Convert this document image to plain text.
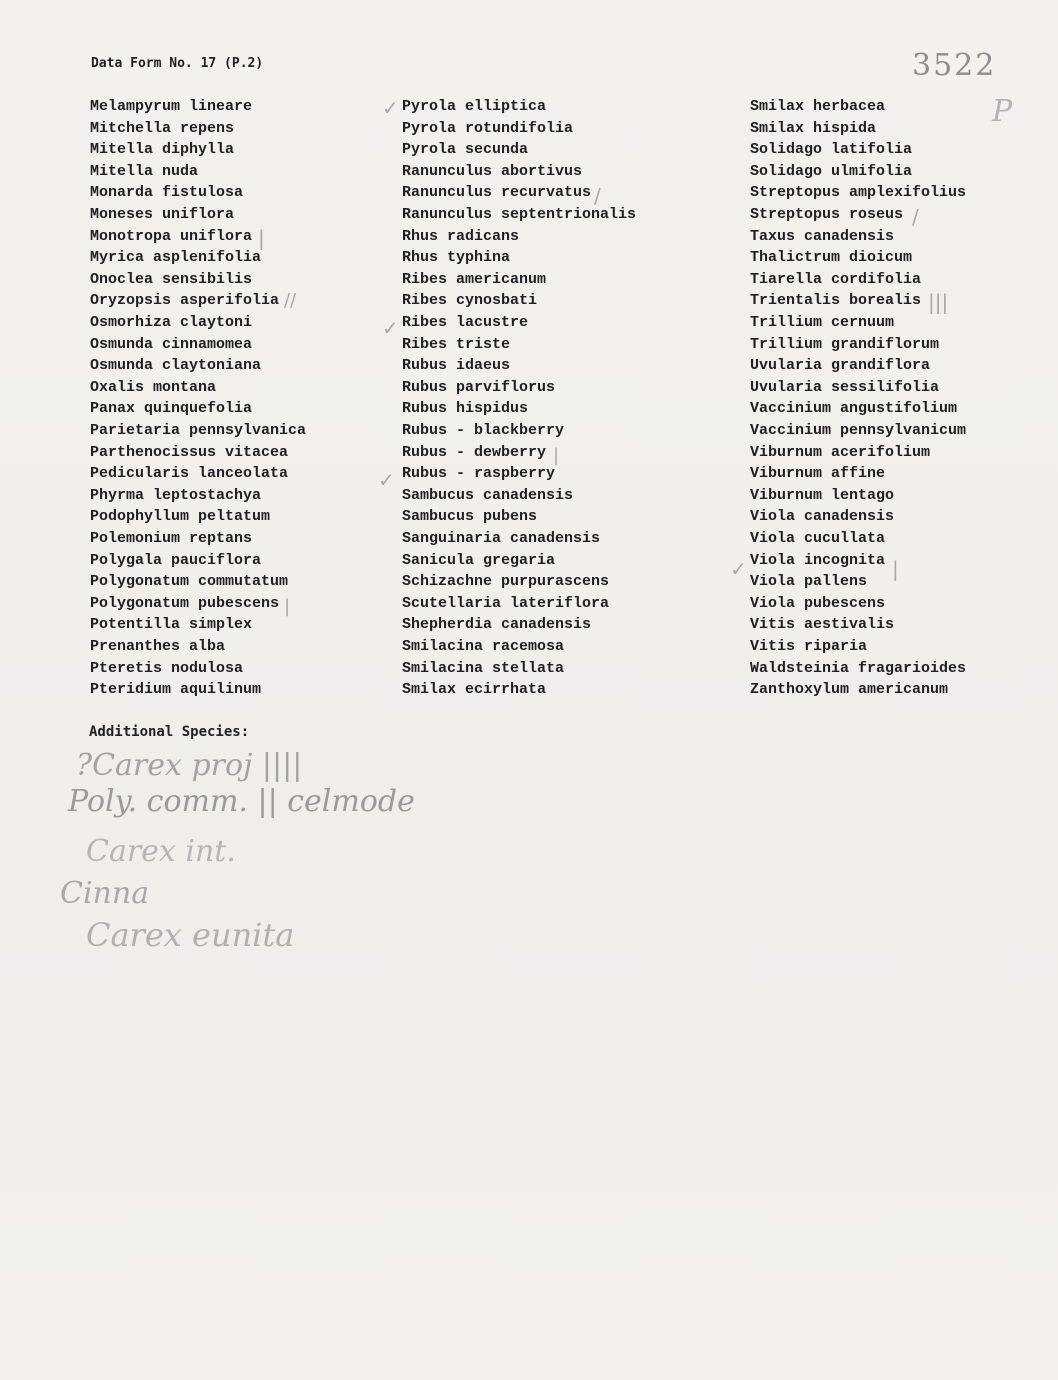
Data Form No. 17 (P.2)	3522
P
Melampyrum lineare
Mitchella repens
Mitella diphylla
Mitella nuda
Monarda fistulosa
Moneses uniflora
Monotropa uniflora
Myrica asplenifolia
Onoclea sensibilis
Oryzopsis asperifolia
Osmorhiza claytoni
Osmunda cinnamomea
Osmunda claytoniana
Oxalis montana
Panax quinquefolia
Parietaria pennsylvanica
Parthenocissus vitacea
Pedicularis lanceolata
Phyrma leptostachya
Podophyllum peltatum
Polemonium reptans
Polygala pauciflora
Polygonatum commutatum
Polygonatum pubescens
Potentilla simplex
Prenanthes alba
Pteretis nodulosa
Pteridium aquilinum
Pyrola elliptica
Pyrola rotundifolia
Pyrola secunda
Ranunculus abortivus
Ranunculus recurvatus
Ranunculus septentrionalis
Rhus radicans
Rhus typhina
Ribes americanum
Ribes cynosbati
Ribes lacustre
Ribes triste
Rubus idaeus
Rubus parviflorus
Rubus hispidus
Rubus - blackberry
Rubus - dewberry
Rubus - raspberry
Sambucus canadensis
Sambucus pubens
Sanguinaria canadensis
Sanicula gregaria
Schizachne purpurascens
Scutellaria lateriflora
Shepherdia canadensis
Smilacina racemosa
Smilacina stellata
Smilax ecirrhata
Smilax herbacea
Smilax hispida
Solidago latifolia
Solidago ulmifolia
Streptopus amplexifolius
Streptopus roseus
Taxus canadensis
Thalictrum dioicum
Tiarella cordifolia
Trientalis borealis
Trillium cernuum
Trillium grandiflorum
Uvularia grandiflora
Uvularia sessilifolia
Vaccinium angustifolium
Vaccinium pennsylvanicum
Viburnum acerifolium
Viburnum affine
Viburnum lentago
Viola canadensis
Viola cucullata
Viola incognita
Viola pallens
Viola pubescens
Vitis aestivalis
Vitis riparia
Waldsteinia fragarioides
Zanthoxylum americanum
|
//
|
✓
/
✓
|
✓
/
|||
✓	|
Additional Species:
?Carex proj ||||
Poly. comm. || celmode
Carex int.
Cinna
Carex eunita
